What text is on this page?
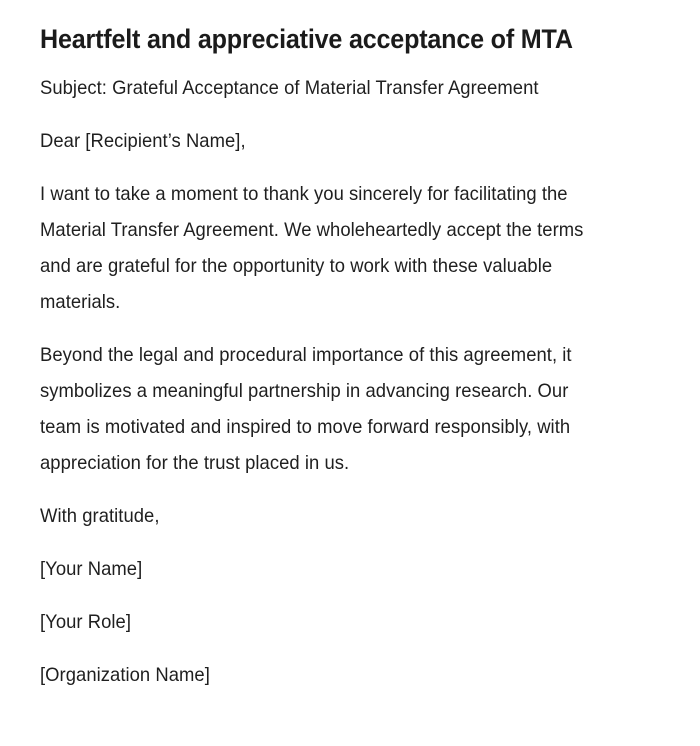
Heartfelt and appreciative acceptance of MTA

Subject: Grateful Acceptance of Material Transfer Agreement

Dear [Recipient’s Name],

I want to take a moment to thank you sincerely for facilitating the Material Transfer Agreement. We wholeheartedly accept the terms and are grateful for the opportunity to work with these valuable materials.

Beyond the legal and procedural importance of this agreement, it symbolizes a meaningful partnership in advancing research. Our team is motivated and inspired to move forward responsibly, with appreciation for the trust placed in us.

With gratitude,

[Your Name]

[Your Role]

[Organization Name]
